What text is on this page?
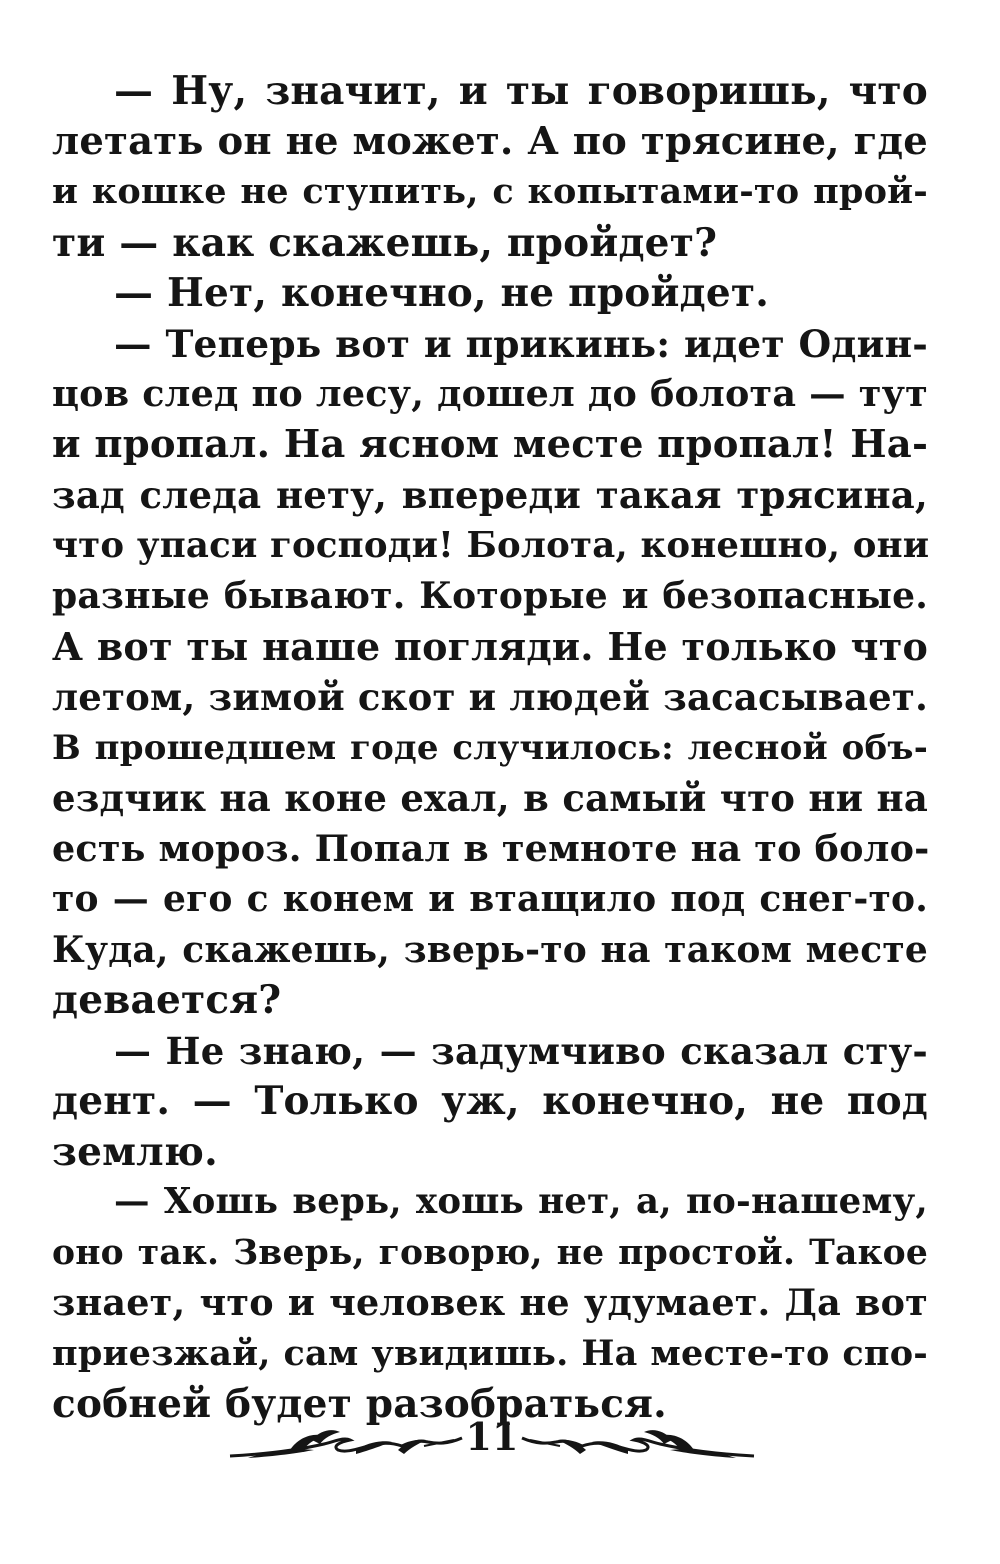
— Ну, значит, и ты говоришь, что
летать он не может. А по трясине, где
и кошке не ступить, с копытами-то прой-
ти — как скажешь, пройдет?
— Нет, конечно, не пройдет.
— Теперь вот и прикинь: идет Один-
цов след по лесу, дошел до болота — тут
и пропал. На ясном месте пропал! На-
зад следа нету, впереди такая трясина,
что упаси господи! Болота, конешно, они
разные бывают. Которые и безопасные.
А вот ты наше погляди. Не только что
летом, зимой скот и людей засасывает.
В прошедшем годе случилось: лесной объ-
ездчик на коне ехал, в самый что ни на
есть мороз. Попал в темноте на то боло-
то — его с конем и втащило под снег-то.
Куда, скажешь, зверь-то на таком месте
девается?
— Не знаю, — задумчиво сказал сту-
дент. — Только уж, конечно, не под
землю.
— Хошь верь, хошь нет, а, по-нашему,
оно так. Зверь, говорю, не простой. Такое
знает, что и человек не удумает. Да вот
приезжай, сам увидишь. На месте-то спо-
собней будет разобраться.
11
